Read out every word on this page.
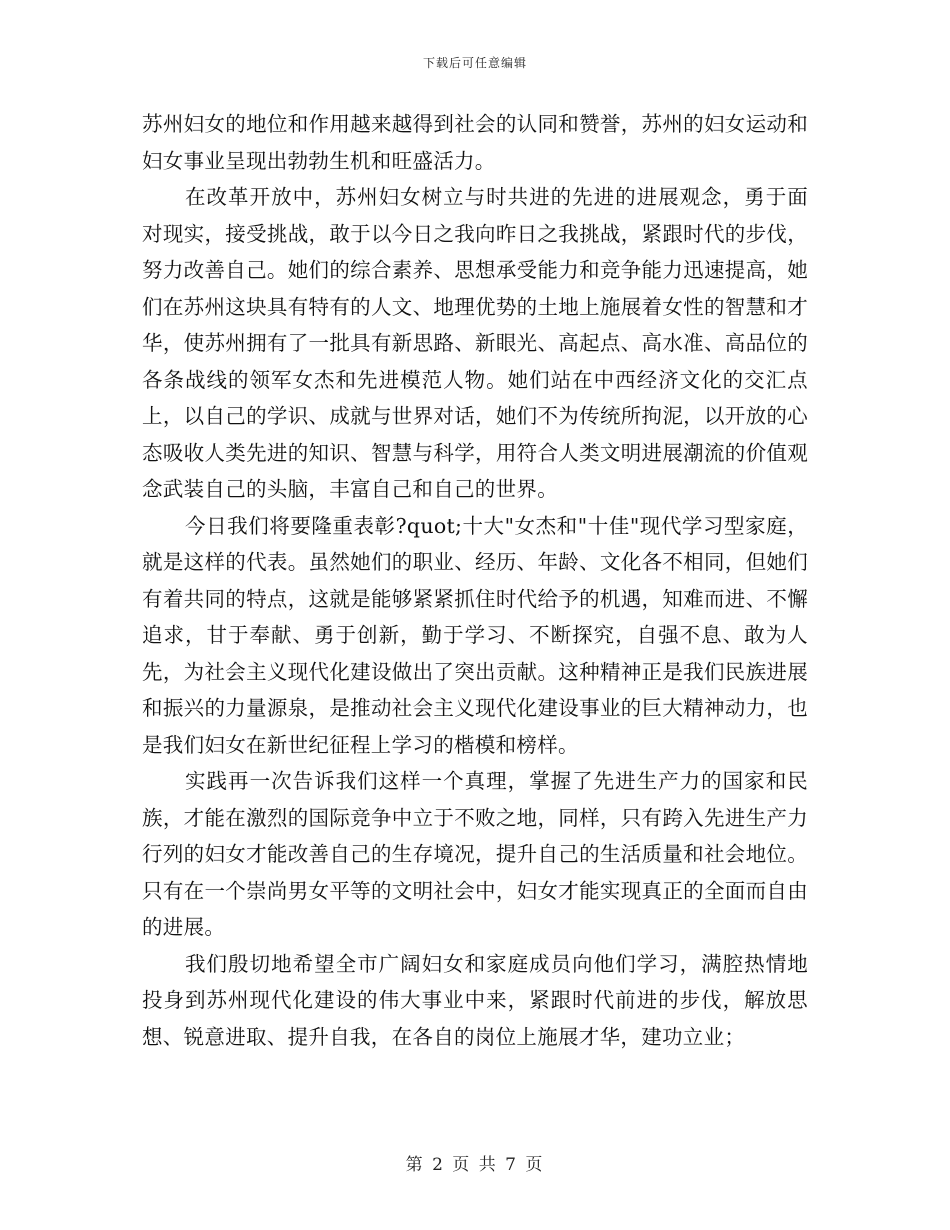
下载后可任意编辑

苏州妇女的地位和作用越来越得到社会的认同和赞誉，苏州的妇女运动和妇女事业呈现出勃勃生机和旺盛活力。

在改革开放中，苏州妇女树立与时共进的先进的进展观念，勇于面对现实，接受挑战，敢于以今日之我向昨日之我挑战，紧跟时代的步伐，努力改善自己。她们的综合素养、思想承受能力和竞争能力迅速提高，她们在苏州这块具有特有的人文、地理优势的土地上施展着女性的智慧和才华，使苏州拥有了一批具有新思路、新眼光、高起点、高水准、高品位的各条战线的领军女杰和先进模范人物。她们站在中西经济文化的交汇点上，以自己的学识、成就与世界对话，她们不为传统所拘泥，以开放的心态吸收人类先进的知识、智慧与科学，用符合人类文明进展潮流的价值观念武装自己的头脑，丰富自己和自己的世界。

今日我们将要隆重表彰?quot;十大"女杰和"十佳"现代学习型家庭，就是这样的代表。虽然她们的职业、经历、年龄、文化各不相同，但她们有着共同的特点，这就是能够紧紧抓住时代给予的机遇，知难而进、不懈追求，甘于奉献、勇于创新，勤于学习、不断探究，自强不息、敢为人先，为社会主义现代化建设做出了突出贡献。这种精神正是我们民族进展和振兴的力量源泉，是推动社会主义现代化建设事业的巨大精神动力，也是我们妇女在新世纪征程上学习的楷模和榜样。

实践再一次告诉我们这样一个真理，掌握了先进生产力的国家和民族，才能在激烈的国际竞争中立于不败之地，同样，只有跨入先进生产力行列的妇女才能改善自己的生存境况，提升自己的生活质量和社会地位。只有在一个崇尚男女平等的文明社会中，妇女才能实现真正的全面而自由的进展。

我们殷切地希望全市广阔妇女和家庭成员向他们学习，满腔热情地投身到苏州现代化建设的伟大事业中来，紧跟时代前进的步伐，解放思想、锐意进取、提升自我，在各自的岗位上施展才华，建功立业；

第 2 页 共 7 页
